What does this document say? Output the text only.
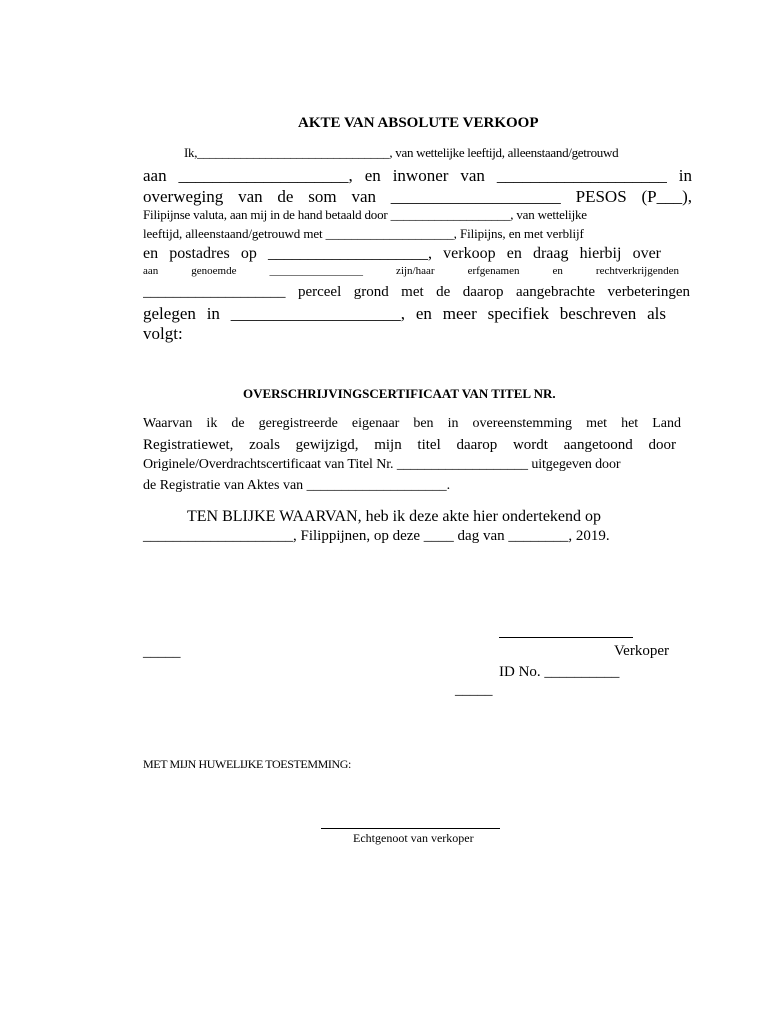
AKTE VAN ABSOLUTE VERKOOP
Ik,_______________________________, van wettelijke leeftijd, alleenstaand/getrouwd
aan ____________________, en inwoner van ____________________ in
overweging van de som van ____________________ PESOS (P___),
Filipijnse valuta, aan mij in de hand betaald door ___________________, van wettelijke
leeftijd, alleenstaand/getrouwd met ____________________, Filipijns, en met verblijf
en postadres op ____________________, verkoop en draag hierbij over
aan genoemde _________________ zijn/haar erfgenamen en rechtverkrijgenden
___________________ perceel grond met de daarop aangebrachte verbeteringen
gelegen in ____________________, en meer specifiek beschreven als
volgt:
OVERSCHRIJVINGSCERTIFICAAT VAN TITEL NR.
Waarvan ik de geregistreerde eigenaar ben in overeenstemming met het Land
Registratiewet, zoals gewijzigd, mijn titel daarop wordt aangetoond door
Originele/Overdrachtscertificaat van Titel Nr. ___________________ uitgegeven door
de Registratie van Aktes van ____________________.
TEN BLIJKE WAARVAN, heb ik deze akte hier ondertekend op
____________________, Filippijnen, op deze ____ dag van ________, 2019.
_____	Verkoper
ID No. __________
_____
MET MIJN HUWELIJKE TOESTEMMING:
Echtgenoot van verkoper
